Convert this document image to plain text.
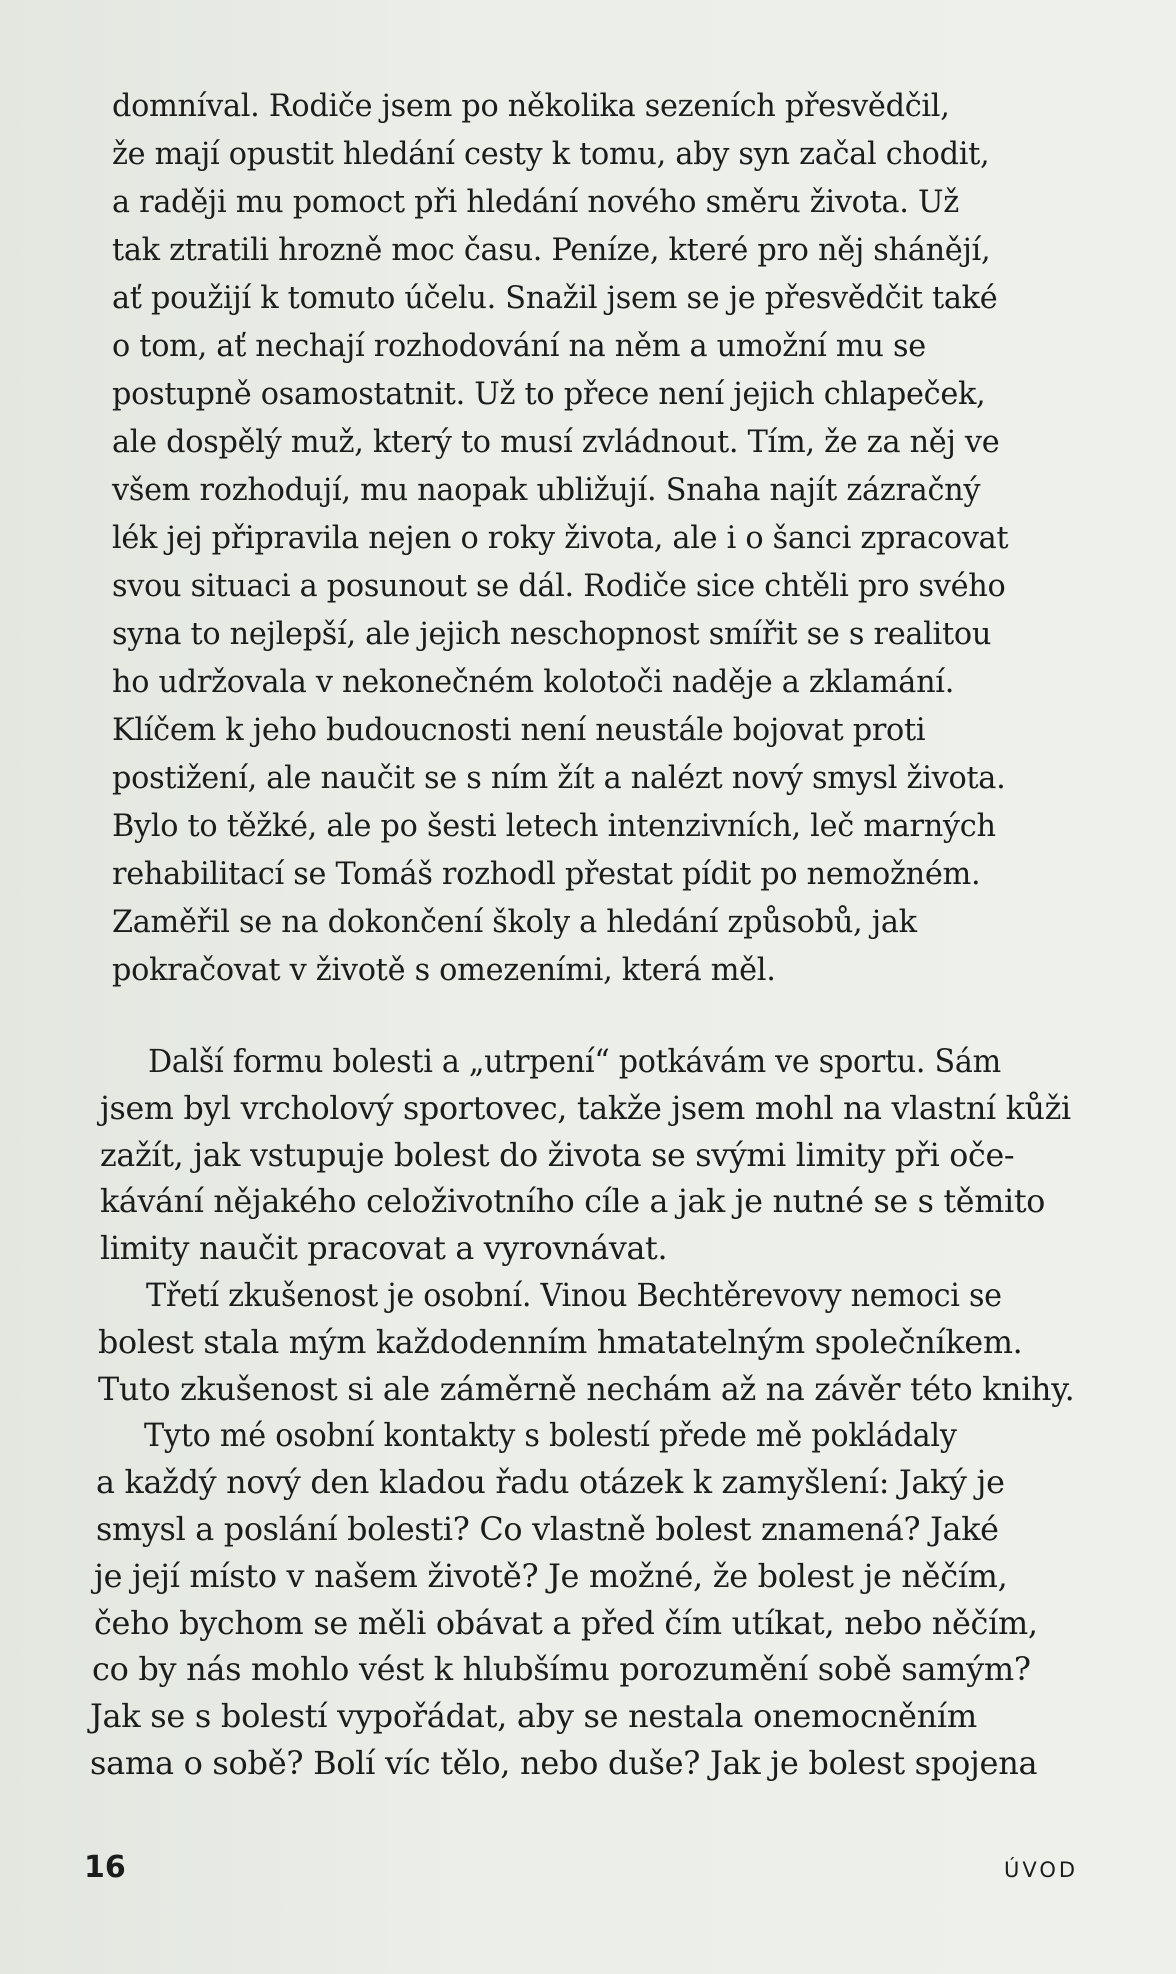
domníval. Rodiče jsem po několika sezeních přesvědčil,
že mají opustit hledání cesty k tomu, aby syn začal chodit,
a raději mu pomoct při hledání nového směru života. Už
tak ztratili hrozně moc času. Peníze, které pro něj shánějí,
ať použijí k tomuto účelu. Snažil jsem se je přesvědčit také
o tom, ať nechají rozhodování na něm a umožní mu se
postupně osamostatnit. Už to přece není jejich chlapeček,
ale dospělý muž, který to musí zvládnout. Tím, že za něj ve
všem rozhodují, mu naopak ubližují. Snaha najít zázračný
lék jej připravila nejen o roky života, ale i o šanci zpracovat
svou situaci a posunout se dál. Rodiče sice chtěli pro svého
syna to nejlepší, ale jejich neschopnost smířit se s realitou
ho udržovala v nekonečném kolotoči naděje a zklamání.
Klíčem k jeho budoucnosti není neustále bojovat proti
postižení, ale naučit se s ním žít a nalézt nový smysl života.
Bylo to těžké, ale po šesti letech intenzivních, leč marných
rehabilitací se Tomáš rozhodl přestat pídit po nemožném.
Zaměřil se na dokončení školy a hledání způsobů, jak
pokračovat v životě s omezeními, která měl.
Další formu bolesti a „utrpení“ potkávám ve sportu. Sám
jsem byl vrcholový sportovec, takže jsem mohl na vlastní kůži
zažít, jak vstupuje bolest do života se svými limity při oče-
kávání nějakého celoživotního cíle a jak je nutné se s těmito
limity naučit pracovat a vyrovnávat.
Třetí zkušenost je osobní. Vinou Bechtěrevovy nemoci se
bolest stala mým každodenním hmatatelným společníkem.
Tuto zkušenost si ale záměrně nechám až na závěr této knihy.
Tyto mé osobní kontakty s bolestí přede mě pokládaly
a každý nový den kladou řadu otázek k zamyšlení: Jaký je
smysl a poslání bolesti? Co vlastně bolest znamená? Jaké
je její místo v našem životě? Je možné, že bolest je něčím,
čeho bychom se měli obávat a před čím utíkat, nebo něčím,
co by nás mohlo vést k hlubšímu porozumění sobě samým?
Jak se s bolestí vypořádat, aby se nestala onemocněním
sama o sobě? Bolí víc tělo, nebo duše? Jak je bolest spojena
16	ÚVOD
